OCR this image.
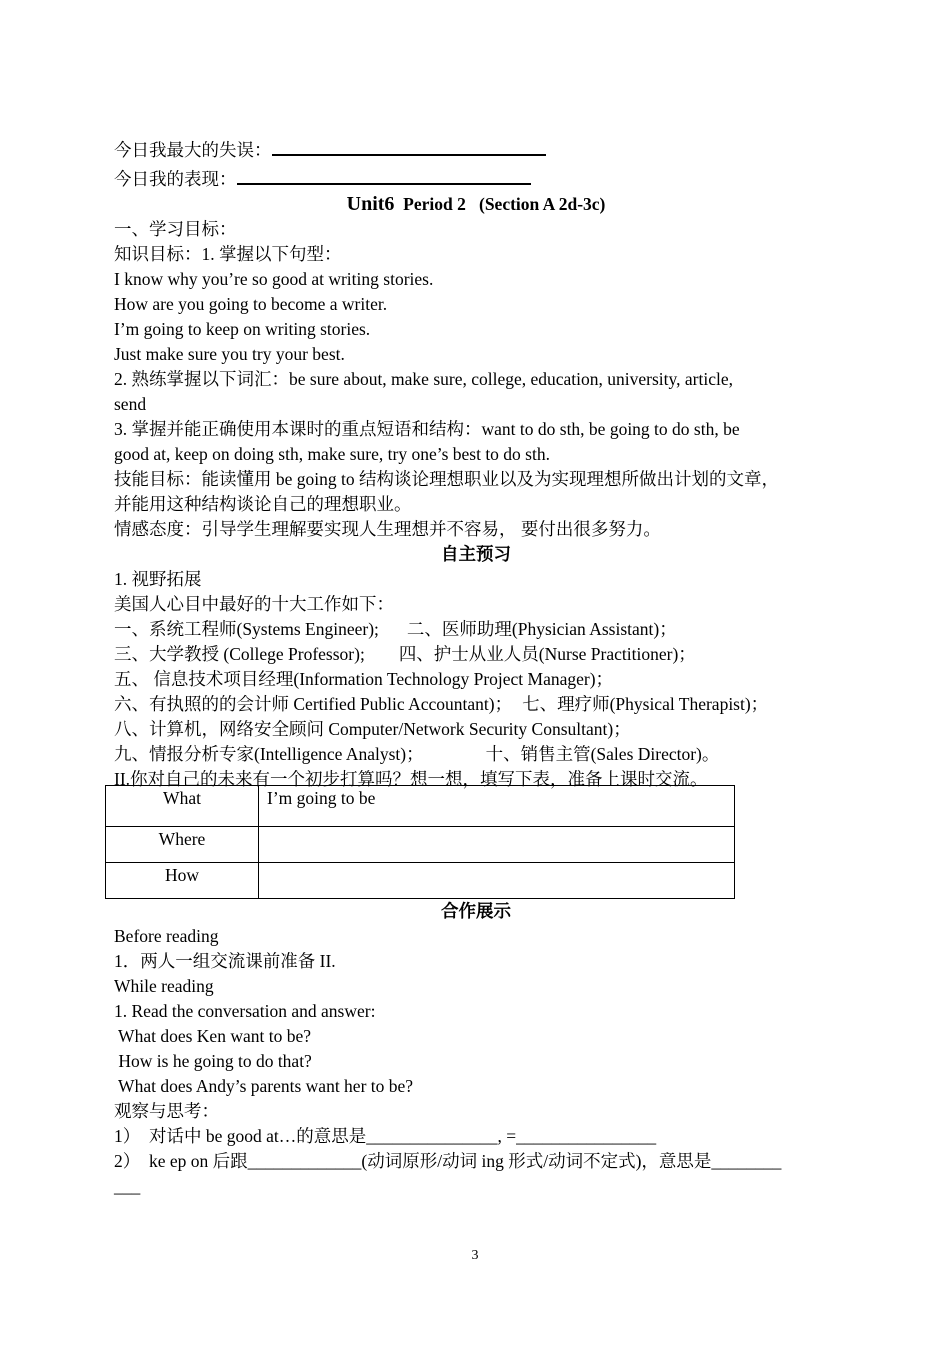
今日我最大的失误：
今日我的表现：
Unit6 Period 2   (Section A 2d-3c)
一、学习目标：
知识目标：1. 掌握以下句型：
I know why you’re so good at writing stories.
How are you going to become a writer.
I’m going to keep on writing stories.
Just make sure you try your best.
2. 熟练掌握以下词汇：be sure about, make sure, college, education, university, article,
send
3. 掌握并能正确使用本课时的重点短语和结构：want to do sth, be going to do sth, be
good at, keep on doing sth, make sure, try one’s best to do sth.
技能目标：能读懂用 be going to 结构谈论理想职业以及为实现理想所做出计划的文章，
并能用这种结构谈论自己的理想职业。
情感态度：引导学生理解要实现人生理想并不容易， 要付出很多努力。
自主预习
1. 视野拓展
美国人心目中最好的十大工作如下：
一、系统工程师(Systems Engineer); 二、医师助理(Physician Assistant)；
三、大学教授 (College Professor); 四、护士从业人员(Nurse Practitioner)；
五、 信息技术项目经理(Information Technology Project Manager)；
六、有执照的的会计师 Certified Public Accountant)； 七、理疗师(Physical Therapist)；
八、计算机，网络安全顾问 Computer/Network Security Consultant)；
九、情报分析专家(Intelligence Analyst)；	十、销售主管(Sales Director)。
II.你对自己的未来有一个初步打算吗？想一想，填写下表，准备上课时交流。
What	I’m going to be
Where	
How	
合作展示
Before reading
1．两人一组交流课前准备 II.
While reading
1. Read the conversation and answer:
What does Ken want to be?
How is he going to do that?
What does Andy’s parents want her to be?
观察与思考：
1）  对话中 be good at…的意思是_______________, =________________
2）  ke ep on 后跟_____________(动词原形/动词 ing 形式/动词不定式)，意思是________
___
3
